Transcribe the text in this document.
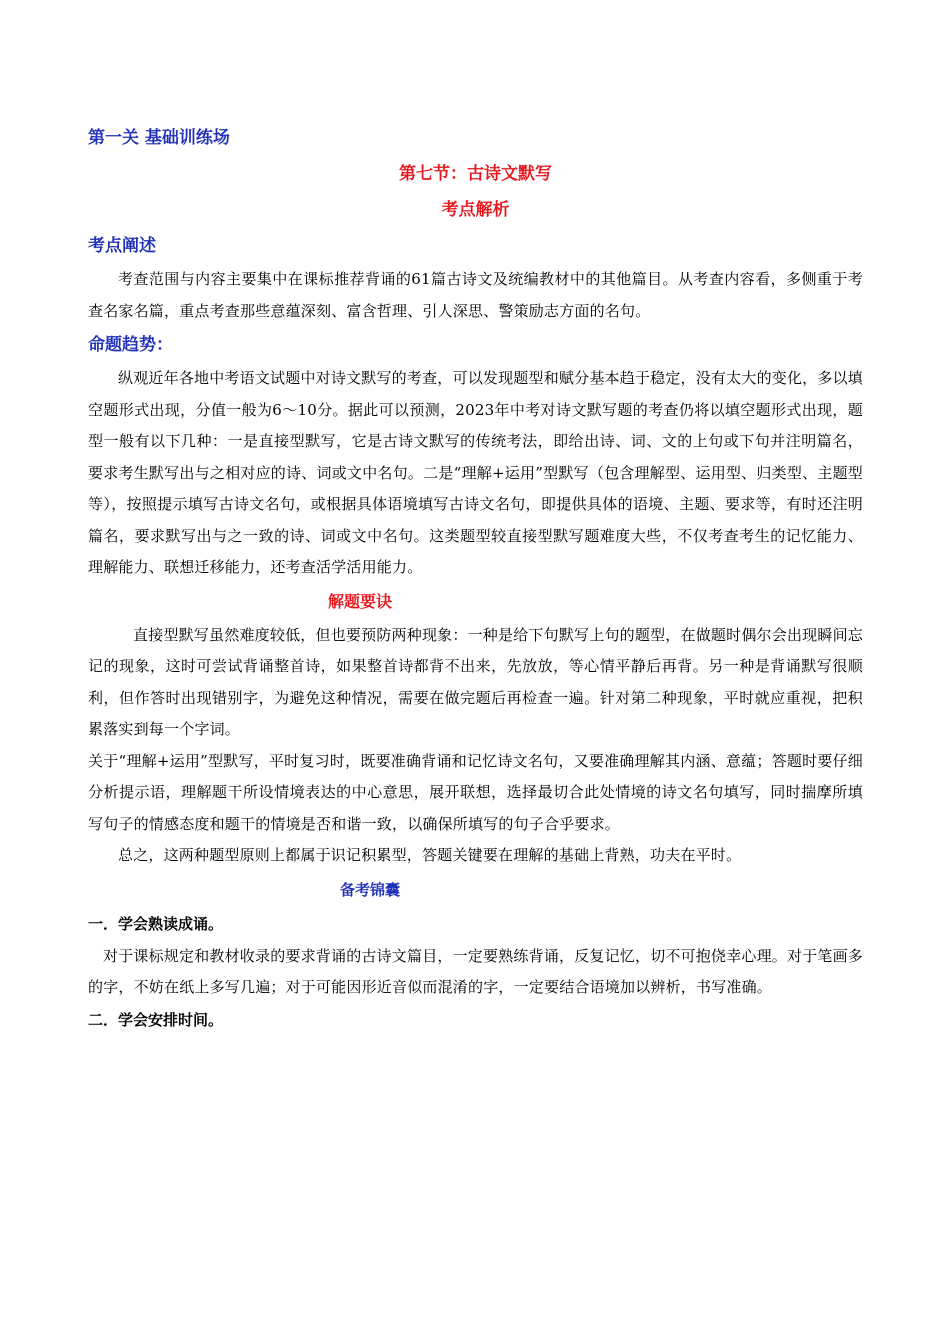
第一关 基础训练场

第七节：古诗文默写

考点解析

考点阐述

考查范围与内容主要集中在课标推荐背诵的61篇古诗文及统编教材中的其他篇目。从考查内容看，多侧重于考查名家名篇，重点考查那些意蕴深刻、富含哲理、引人深思、警策励志方面的名句。

命题趋势：

纵观近年各地中考语文试题中对诗文默写的考查，可以发现题型和赋分基本趋于稳定，没有太大的变化，多以填空题形式出现，分值一般为6～10分。据此可以预测，2023年中考对诗文默写题的考查仍将以填空题形式出现，题型一般有以下几种：一是直接型默写，它是古诗文默写的传统考法，即给出诗、词、文的上句或下句并注明篇名，要求考生默写出与之相对应的诗、词或文中名句。二是“理解+运用”型默写（包含理解型、运用型、归类型、主题型等），按照提示填写古诗文名句，或根据具体语境填写古诗文名句，即提供具体的语境、主题、要求等，有时还注明篇名，要求默写出与之一致的诗、词或文中名句。这类题型较直接型默写题难度大些，不仅考查考生的记忆能力、理解能力、联想迁移能力，还考查活学活用能力。

解题要诀

直接型默写虽然难度较低，但也要预防两种现象：一种是给下句默写上句的题型，在做题时偶尔会出现瞬间忘记的现象，这时可尝试背诵整首诗，如果整首诗都背不出来，先放放，等心情平静后再背。另一种是背诵默写很顺利，但作答时出现错别字，为避免这种情况，需要在做完题后再检查一遍。针对第二种现象，平时就应重视，把积累落实到每一个字词。

关于“理解+运用”型默写，平时复习时，既要准确背诵和记忆诗文名句，又要准确理解其内涵、意蕴；答题时要仔细分析提示语，理解题干所设情境表达的中心意思，展开联想，选择最切合此处情境的诗文名句填写，同时揣摩所填写句子的情感态度和题干的情境是否和谐一致，以确保所填写的句子合乎要求。

总之，这两种题型原则上都属于识记积累型，答题关键要在理解的基础上背熟，功夫在平时。

备考锦囊

一．学会熟读成诵。

对于课标规定和教材收录的要求背诵的古诗文篇目，一定要熟练背诵，反复记忆，切不可抱侥幸心理。对于笔画多的字，不妨在纸上多写几遍；对于可能因形近音似而混淆的字，一定要结合语境加以辨析，书写准确。

二．学会安排时间。
